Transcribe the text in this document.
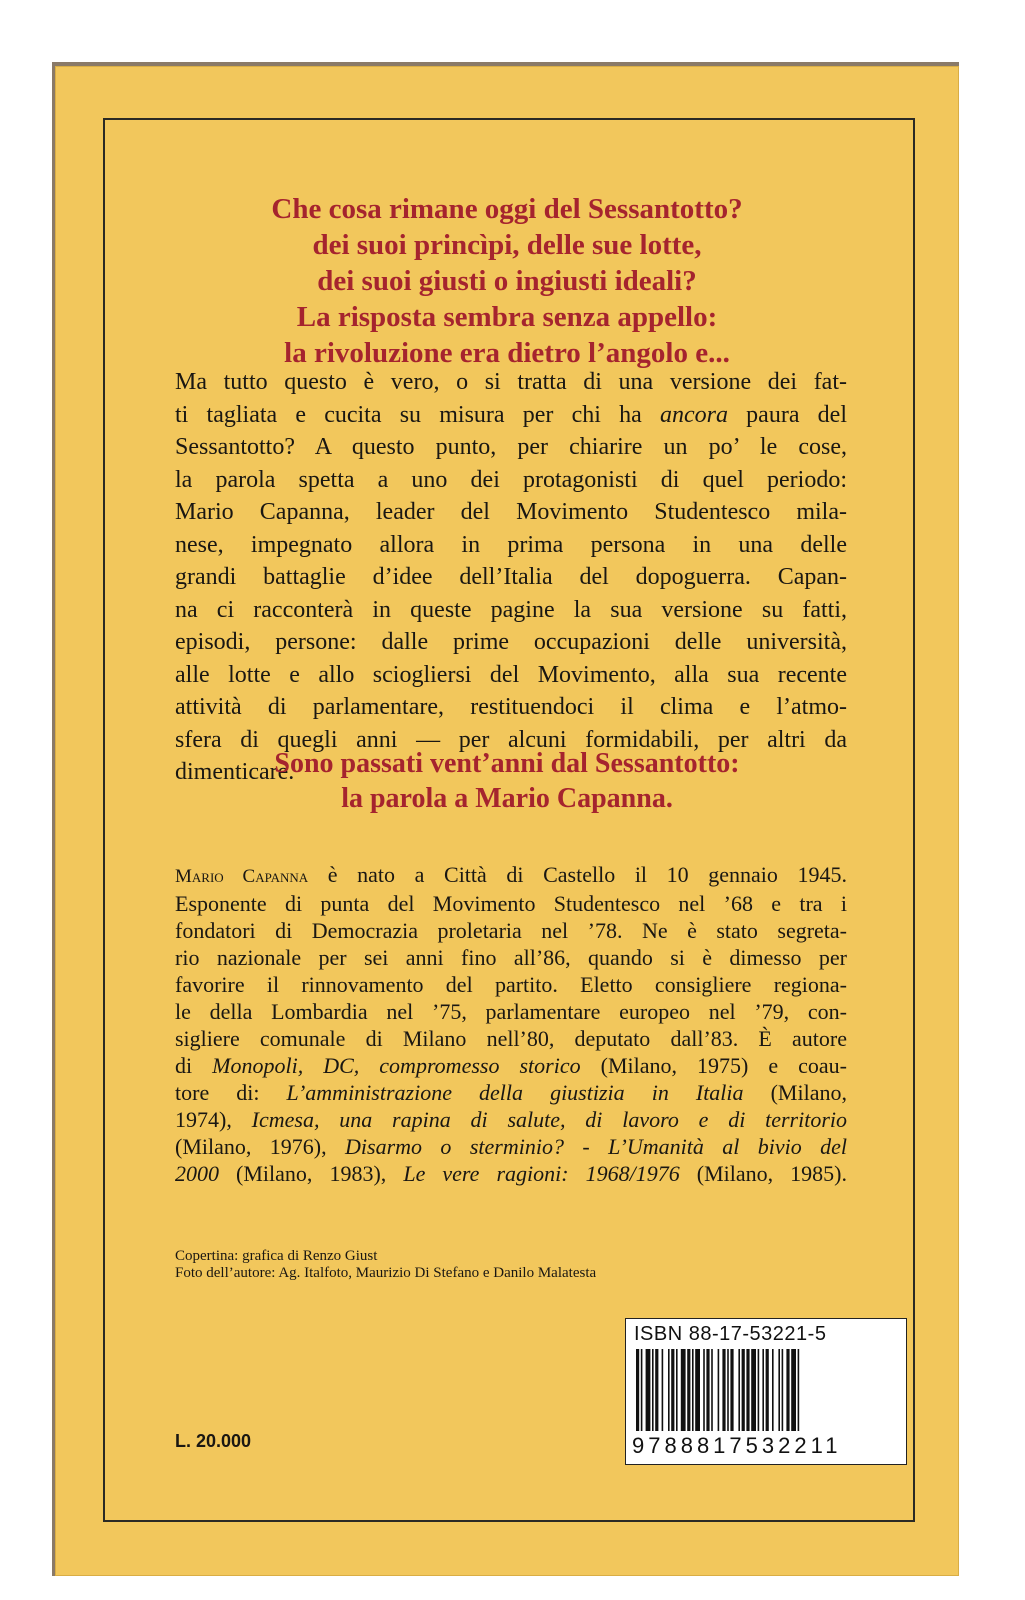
Che cosa rimane oggi del Sessantotto?
dei suoi princìpi, delle sue lotte,
dei suoi giusti o ingiusti ideali?
La risposta sembra senza appello:
la rivoluzione era dietro l’angolo e...
Ma tutto questo è vero, o si tratta di una versione dei fat-
ti tagliata e cucita su misura per chi ha ancora paura del
Sessantotto? A questo punto, per chiarire un po’ le cose,
la parola spetta a uno dei protagonisti di quel periodo:
Mario Capanna, leader del Movimento Studentesco mila-
nese, impegnato allora in prima persona in una delle
grandi battaglie d’idee dell’Italia del dopoguerra. Capan-
na ci racconterà in queste pagine la sua versione su fatti,
episodi, persone: dalle prime occupazioni delle università,
alle lotte e allo sciogliersi del Movimento, alla sua recente
attività di parlamentare, restituendoci il clima e l’atmo-
sfera di quegli anni — per alcuni formidabili, per altri da
dimenticare.
Sono passati vent’anni dal Sessantotto:
la parola a Mario Capanna.
Mario Capanna è nato a Città di Castello il 10 gennaio 1945.
Esponente di punta del Movimento Studentesco nel ’68 e tra i
fondatori di Democrazia proletaria nel ’78. Ne è stato segreta-
rio nazionale per sei anni fino all’86, quando si è dimesso per
favorire il rinnovamento del partito. Eletto consigliere regiona-
le della Lombardia nel ’75, parlamentare europeo nel ’79, con-
sigliere comunale di Milano nell’80, deputato dall’83. È autore
di Monopoli, DC, compromesso storico (Milano, 1975) e coau-
tore di: L’amministrazione della giustizia in Italia (Milano,
1974), Icmesa, una rapina di salute, di lavoro e di territorio
(Milano, 1976), Disarmo o sterminio? - L’Umanità al bivio del
2000 (Milano, 1983), Le vere ragioni: 1968/1976 (Milano, 1985).
Copertina: grafica di Renzo Giust
Foto dell’autore: Ag. Italfoto, Maurizio Di Stefano e Danilo Malatesta
ISBN 88-17-53221-5
9788817532211
L. 20.000
